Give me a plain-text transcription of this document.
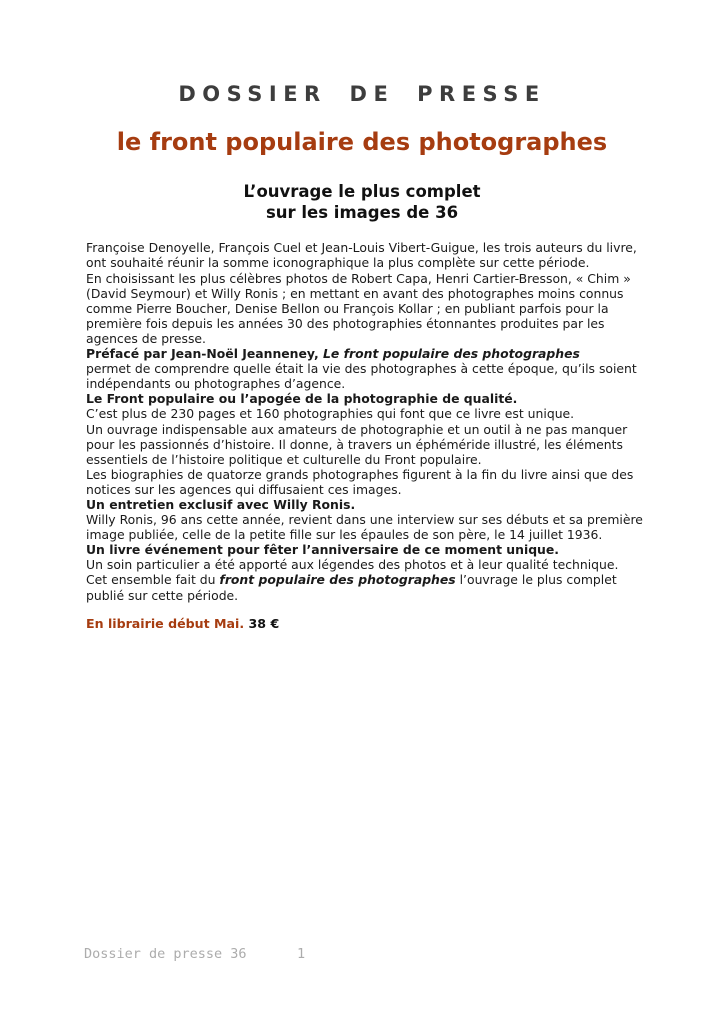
DOSSIER DE PRESSE
le front populaire des photographes
L’ouvrage le plus complet
sur les images de 36
Françoise Denoyelle, François Cuel et Jean-Louis Vibert-Guigue, les trois auteurs du livre,
ont souhaité réunir la somme iconographique la plus complète sur cette période.
En choisissant les plus célèbres photos de Robert Capa, Henri Cartier-Bresson, « Chim »
(David Seymour) et Willy Ronis ; en mettant en avant des photographes moins connus
comme Pierre Boucher, Denise Bellon ou François Kollar ; en publiant parfois pour la
première fois depuis les années 30 des photographies étonnantes produites par les
agences de presse.
Préfacé par Jean-Noël Jeanneney, Le front populaire des photographes
permet de comprendre quelle était la vie des photographes à cette époque, qu’ils soient
indépendants ou photographes d’agence.
Le Front populaire ou l’apogée de la photographie de qualité.
C’est plus de 230 pages et 160 photographies qui font que ce livre est unique.
Un ouvrage indispensable aux amateurs de photographie et un outil à ne pas manquer
pour les passionnés d’histoire. Il donne, à travers un éphéméride illustré, les éléments
essentiels de l’histoire politique et culturelle du Front populaire.
Les biographies de quatorze grands photographes figurent à la fin du livre ainsi que des
notices sur les agences qui diffusaient ces images.
Un entretien exclusif avec Willy Ronis.
Willy Ronis, 96 ans cette année, revient dans une interview sur ses débuts et sa première
image publiée, celle de la petite fille sur les épaules de son père, le 14 juillet 1936.
Un livre événement pour fêter l’anniversaire de ce moment unique.
Un soin particulier a été apporté aux légendes des photos et à leur qualité technique.
Cet ensemble fait du front populaire des photographes l’ouvrage le plus complet
publié sur cette période.
En librairie début Mai. 38 €
Dossier de presse 36	1
